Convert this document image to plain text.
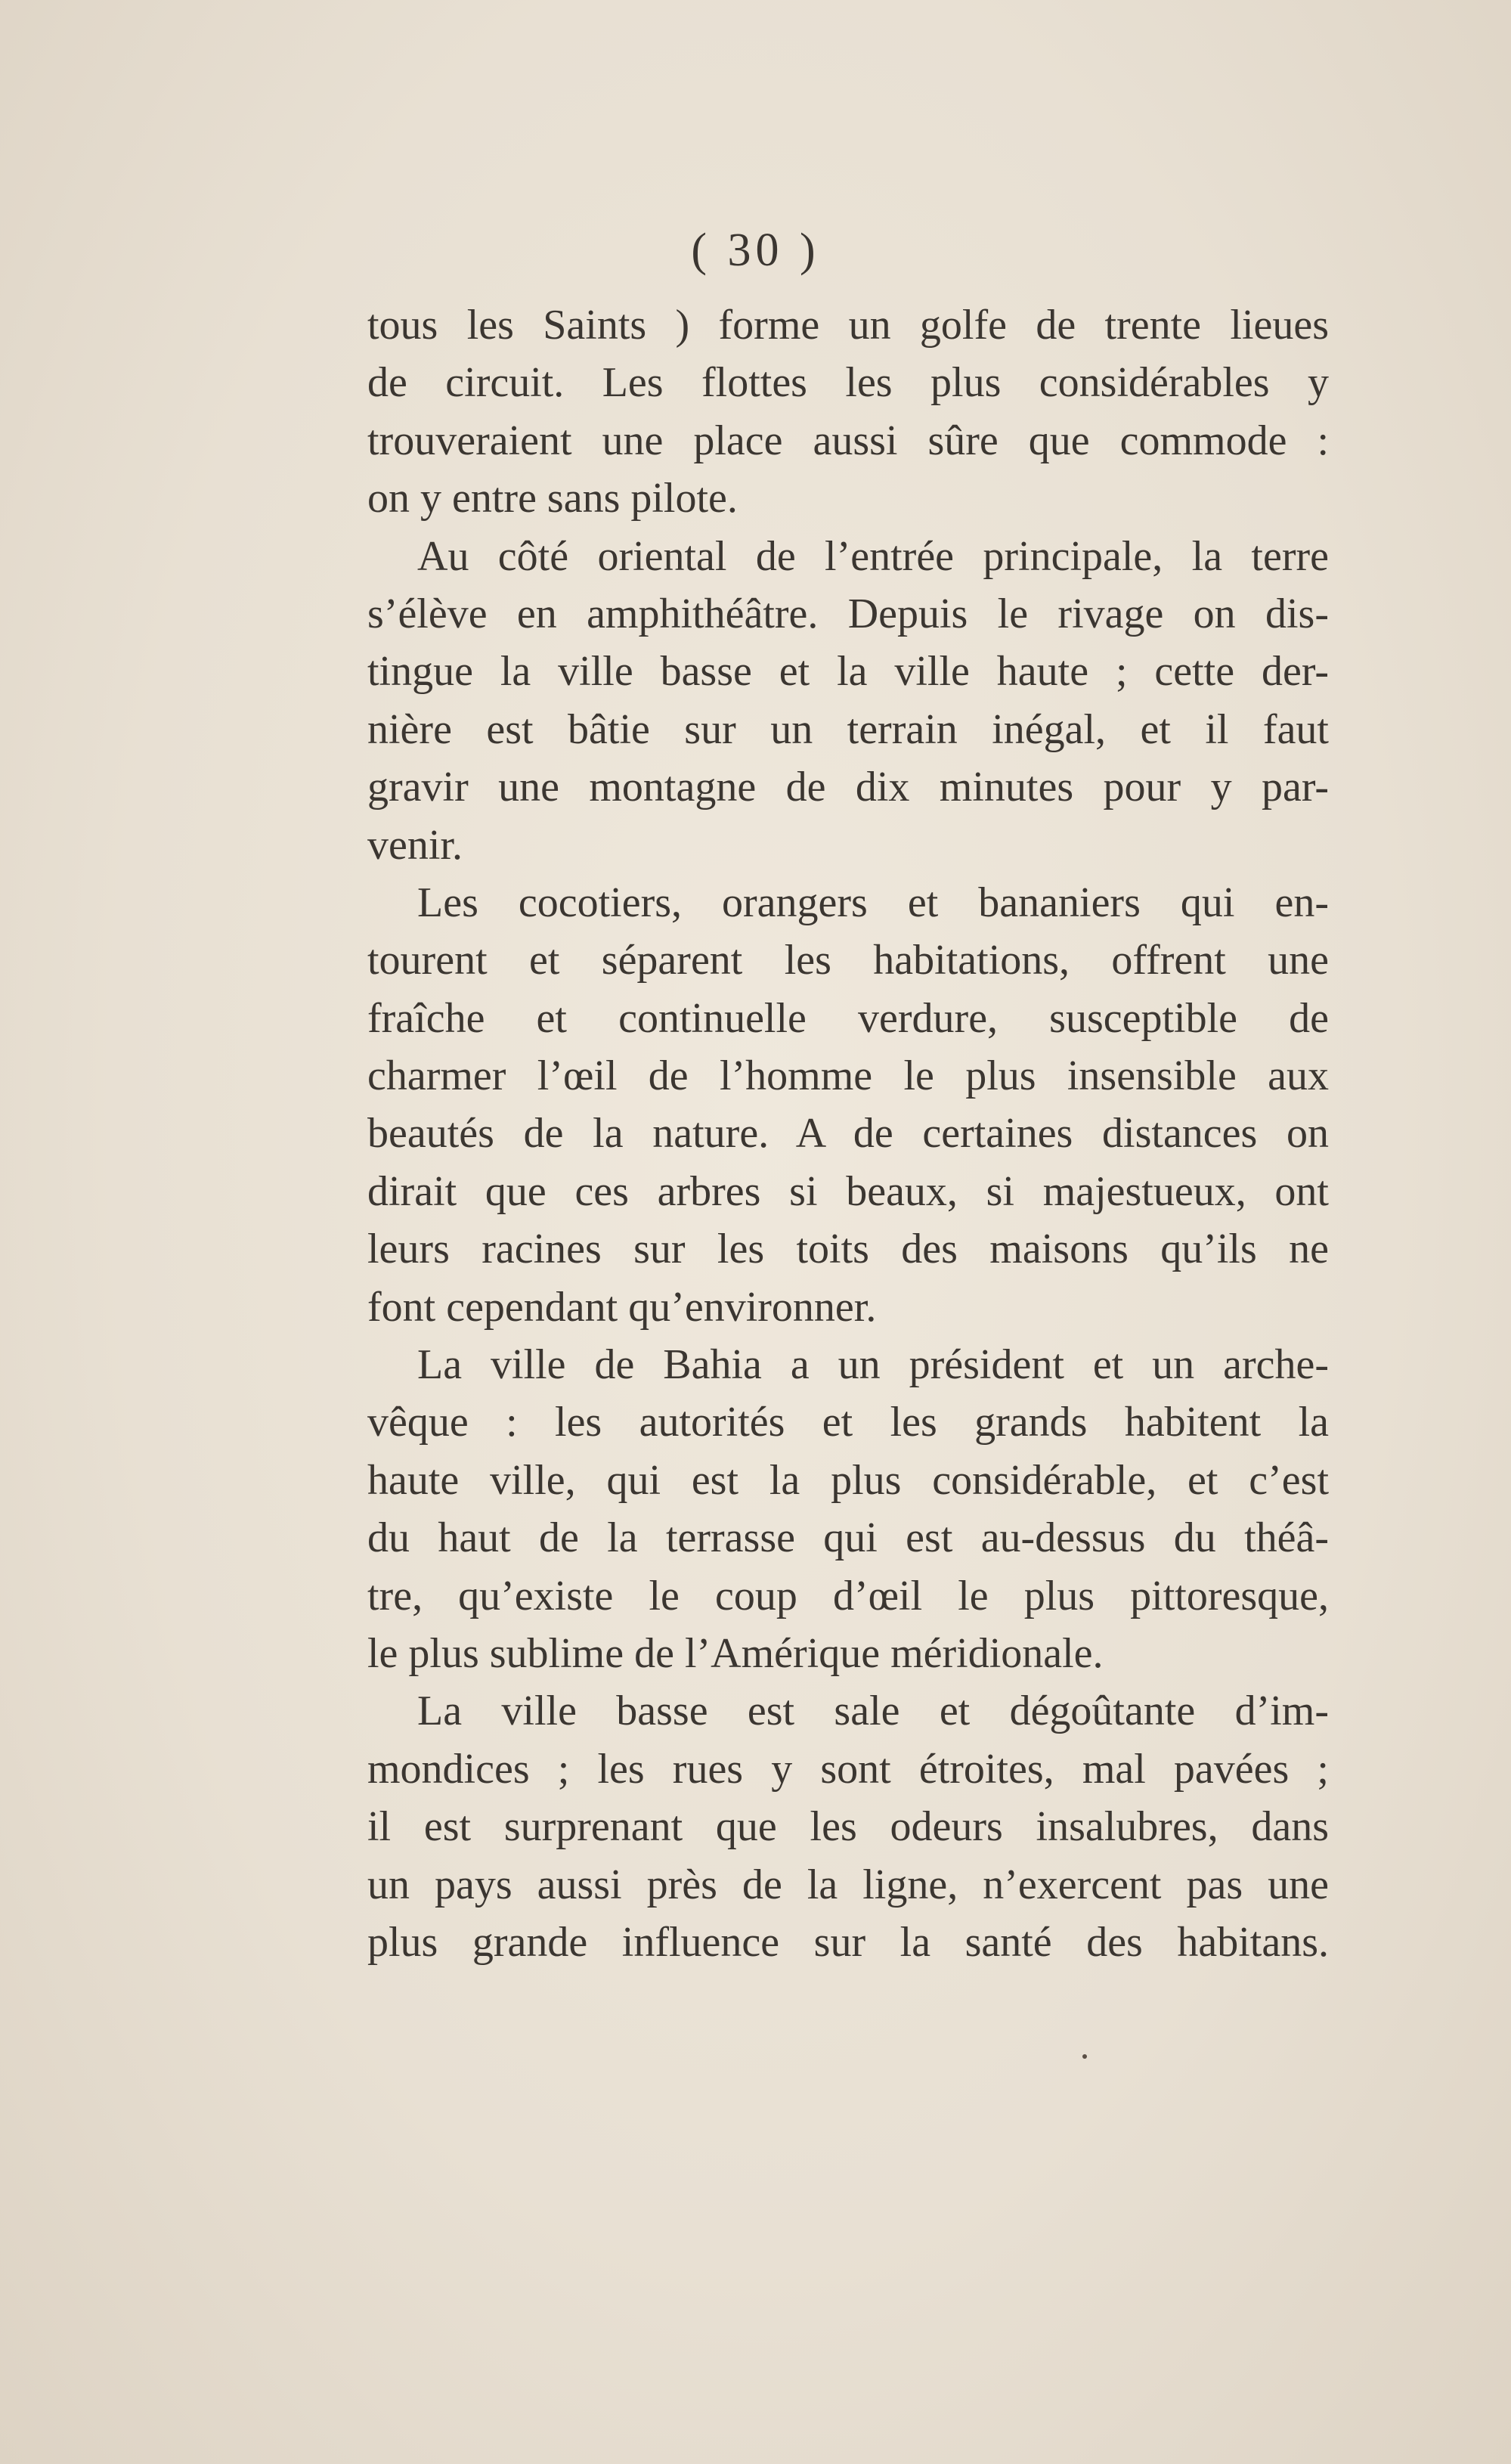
( 30 )
tous les Saints ) forme un golfe de trente lieues
de circuit. Les flottes les plus considérables y
trouveraient une place aussi sûre que commode :
on y entre sans pilote.
Au côté oriental de l’entrée principale, la terre
s’élève en amphithéâtre. Depuis le rivage on dis-
tingue la ville basse et la ville haute ; cette der-
nière est bâtie sur un terrain inégal, et il faut
gravir une montagne de dix minutes pour y par-
venir.
Les cocotiers, orangers et bananiers qui en-
tourent et séparent les habitations, offrent une
fraîche et continuelle verdure, susceptible de
charmer l’œil de l’homme le plus insensible aux
beautés de la nature. A de certaines distances on
dirait que ces arbres si beaux, si majestueux, ont
leurs racines sur les toits des maisons qu’ils ne
font cependant qu’environner.
La ville de Bahia a un président et un arche-
vêque : les autorités et les grands habitent la
haute ville, qui est la plus considérable, et c’est
du haut de la terrasse qui est au-dessus du théâ-
tre, qu’existe le coup d’œil le plus pittoresque,
le plus sublime de l’Amérique méridionale.
La ville basse est sale et dégoûtante d’im-
mondices ; les rues y sont étroites, mal pavées ;
il est surprenant que les odeurs insalubres, dans
un pays aussi près de la ligne, n’exercent pas une
plus grande influence sur la santé des habitans.
